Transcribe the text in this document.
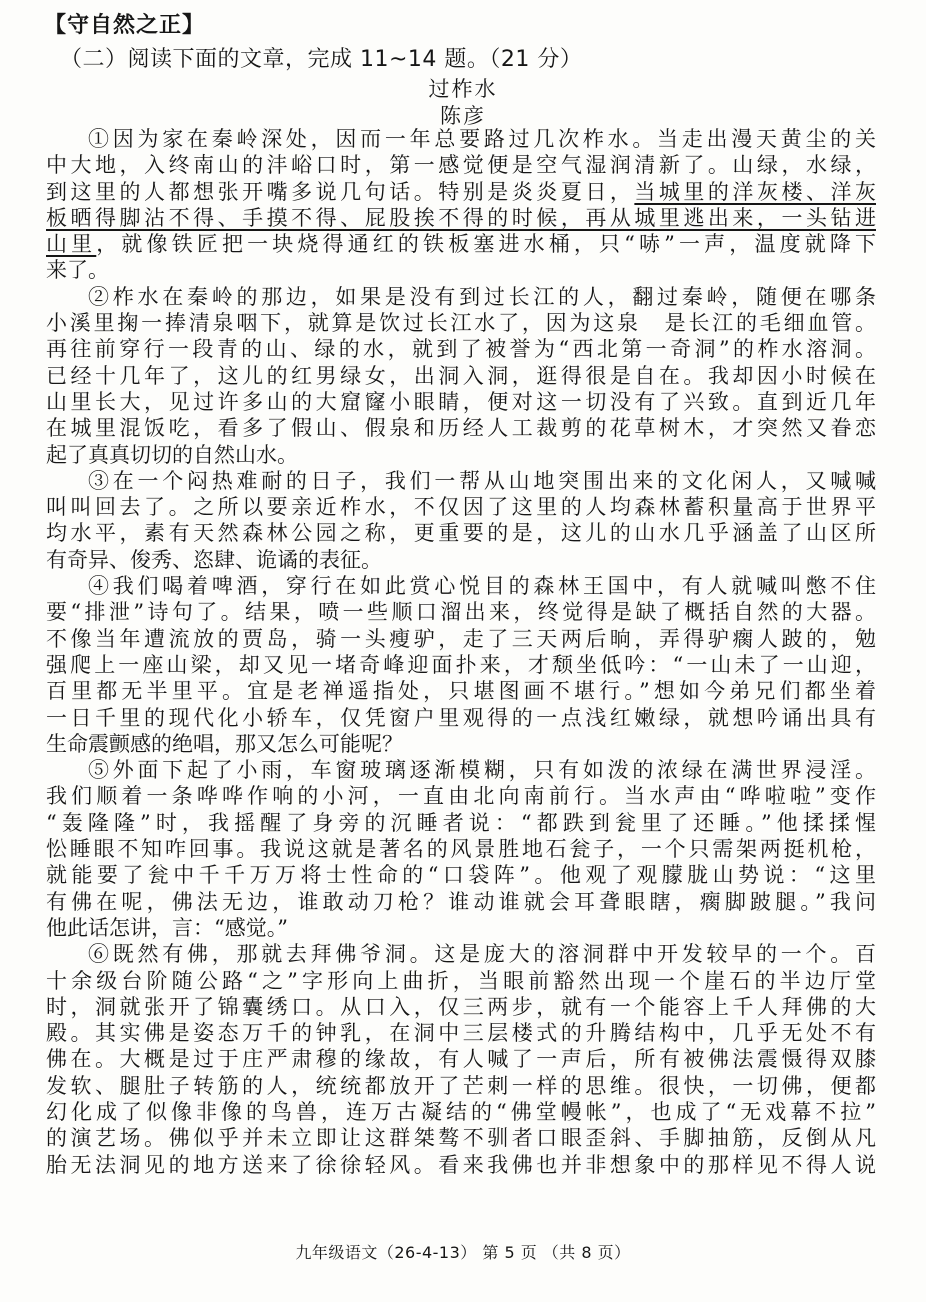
【守自然之正】
（二）阅读下面的文章，完成 11~14 题。（21 分）
过柞水
陈彦
①因为家在秦岭深处，因而一年总要路过几次柞水。当走出漫天黄尘的关
中大地，入终南山的沣峪口时，第一感觉便是空气湿润清新了。山绿，水绿，
到这里的人都想张开嘴多说几句话。特别是炎炎夏日，当城里的洋灰楼、洋灰
板晒得脚沾不得、手摸不得、屁股挨不得的时候，再从城里逃出来，一头钻进
山里，就像铁匠把一块烧得通红的铁板塞进水桶，只“哧”一声，温度就降下
来了。
②柞水在秦岭的那边，如果是没有到过长江的人，翻过秦岭，随便在哪条
小溪里掬一捧清泉咽下，就算是饮过长江水了，因为这泉　是长江的毛细血管。
再往前穿行一段青的山、绿的水，就到了被誉为“西北第一奇洞”的柞水溶洞。
已经十几年了，这儿的红男绿女，出洞入洞，逛得很是自在。我却因小时候在
山里长大，见过许多山的大窟窿小眼睛，便对这一切没有了兴致。直到近几年
在城里混饭吃，看多了假山、假泉和历经人工裁剪的花草树木，才突然又眷恋
起了真真切切的自然山水。
③在一个闷热难耐的日子，我们一帮从山地突围出来的文化闲人，又喊喊
叫叫回去了。之所以要亲近柞水，不仅因了这里的人均森林蓄积量高于世界平
均水平，素有天然森林公园之称，更重要的是，这儿的山水几乎涵盖了山区所
有奇异、俊秀、恣肆、诡谲的表征。
④我们喝着啤酒，穿行在如此赏心悦目的森林王国中，有人就喊叫憋不住
要“排泄”诗句了。结果，喷一些顺口溜出来，终觉得是缺了概括自然的大器。
不像当年遭流放的贾岛，骑一头瘦驴，走了三天两后晌，弄得驴瘸人跛的，勉
强爬上一座山梁，却又见一堵奇峰迎面扑来，才颓坐低吟：“一山未了一山迎，
百里都无半里平。宜是老禅遥指处，只堪图画不堪行。”想如今弟兄们都坐着
一日千里的现代化小轿车，仅凭窗户里观得的一点浅红嫩绿，就想吟诵出具有
生命震颤感的绝唱，那又怎么可能呢？
⑤外面下起了小雨，车窗玻璃逐渐模糊，只有如泼的浓绿在满世界浸淫。
我们顺着一条哗哗作响的小河，一直由北向南前行。当水声由“哗啦啦”变作
“轰隆隆”时，我摇醒了身旁的沉睡者说：“都跌到瓮里了还睡。”他揉揉惺
忪睡眼不知咋回事。我说这就是著名的风景胜地石瓮子，一个只需架两挺机枪，
就能要了瓮中千千万万将士性命的“口袋阵”。他观了观朦胧山势说：“这里
有佛在呢，佛法无边，谁敢动刀枪？谁动谁就会耳聋眼瞎，瘸脚跛腿。”我问
他此话怎讲，言：“感觉。”
⑥既然有佛，那就去拜佛爷洞。这是庞大的溶洞群中开发较早的一个。百
十余级台阶随公路“之”字形向上曲折，当眼前豁然出现一个崖石的半边厅堂
时，洞就张开了锦囊绣口。从口入，仅三两步，就有一个能容上千人拜佛的大
殿。其实佛是姿态万千的钟乳，在洞中三层楼式的升腾结构中，几乎无处不有
佛在。大概是过于庄严肃穆的缘故，有人喊了一声后，所有被佛法震慑得双膝
发软、腿肚子转筋的人，统统都放开了芒刺一样的思维。很快，一切佛，便都
幻化成了似像非像的鸟兽，连万古凝结的“佛堂幔帐”，也成了“无戏幕不拉”
的演艺场。佛似乎并未立即让这群桀骜不驯者口眼歪斜、手脚抽筋，反倒从凡
胎无法洞见的地方送来了徐徐轻风。看来我佛也并非想象中的那样见不得人说
九年级语文（26-4-13） 第 5 页 （共 8 页）
